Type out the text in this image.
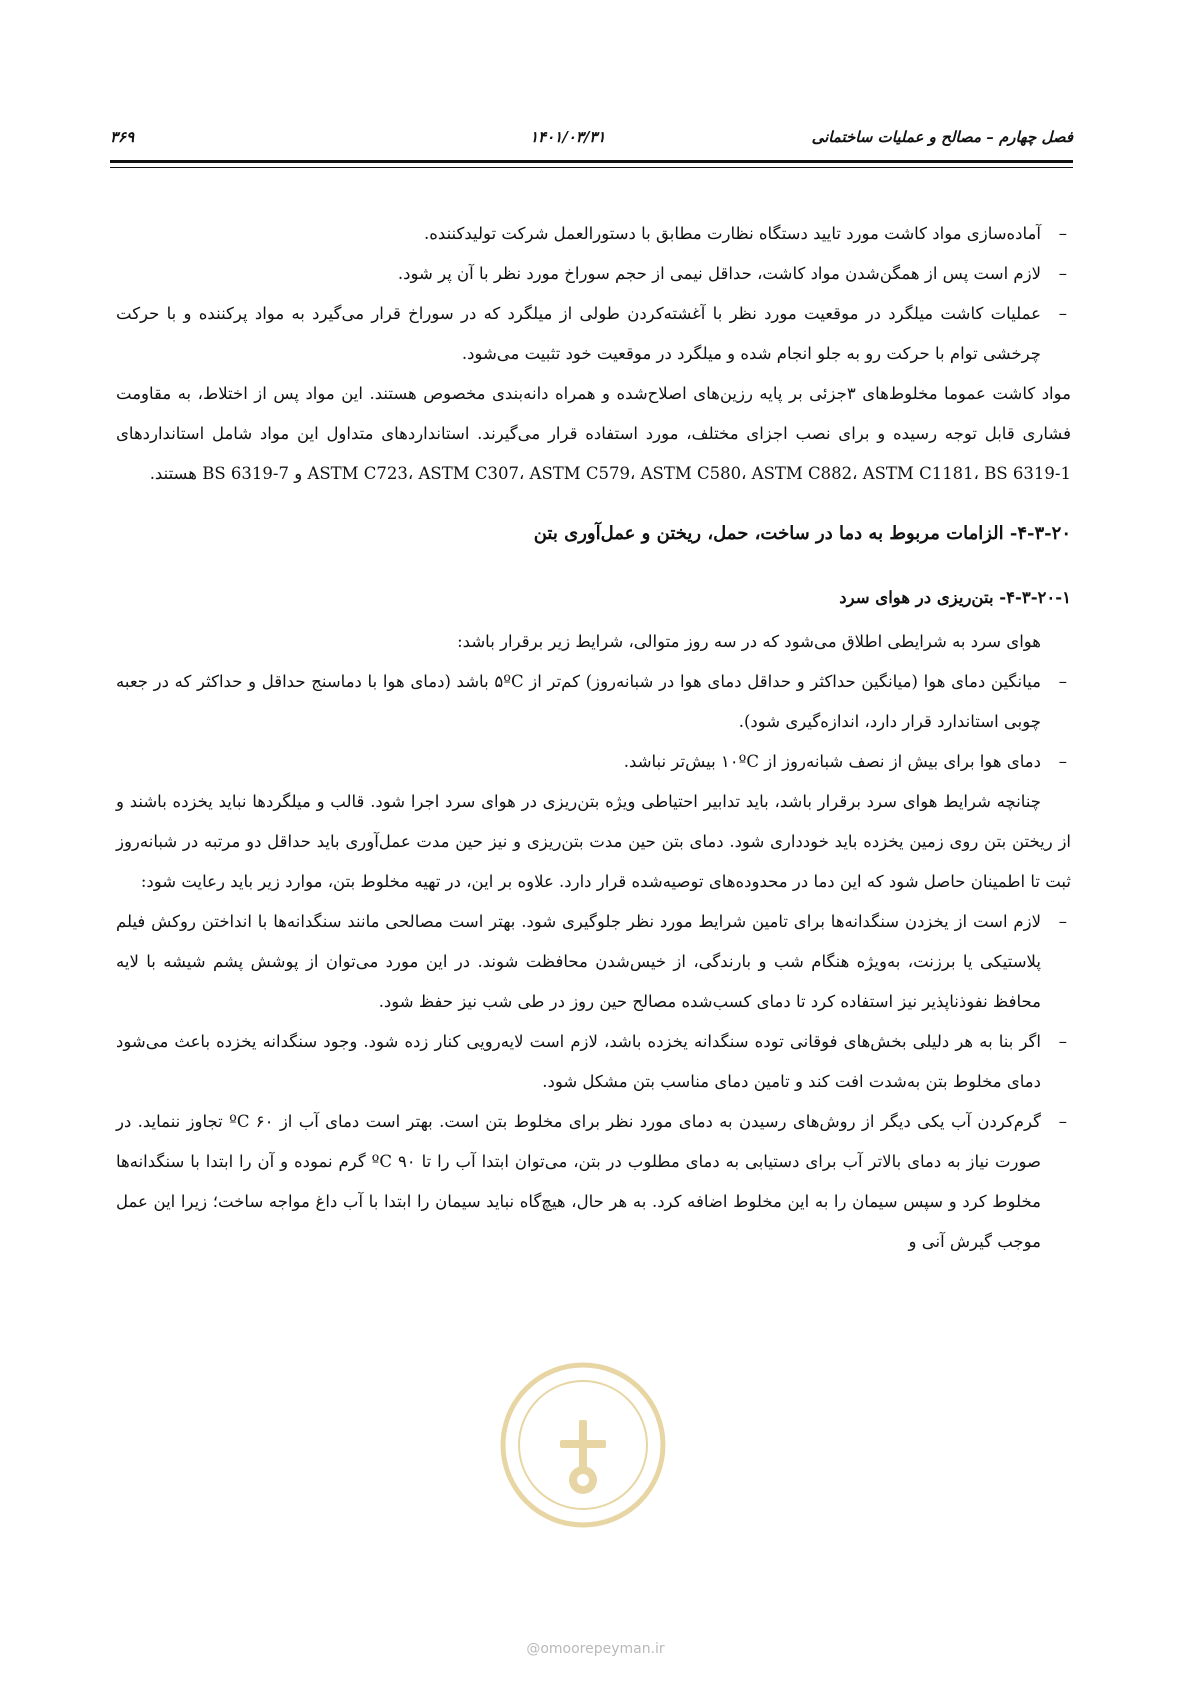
فصل چهارم – مصالح و عملیات ساختمانی
۱۴۰۱/۰۳/۳۱
۳۶۹

–
آماده‌سازی مواد کاشت مورد تایید دستگاه نظارت مطابق با دستورالعمل شرکت تولیدکننده.

–
لازم است پس از همگن‌شدن مواد کاشت، حداقل نیمی از حجم سوراخ مورد نظر با آن پر شود.

–
عملیات کاشت میلگرد در موقعیت مورد نظر با آغشته‌کردن طولی از میلگرد که در سوراخ قرار می‌گیرد به مواد پرکننده و با حرکت چرخشی توام با حرکت رو به جلو انجام شده و میلگرد در موقعیت خود تثبیت می‌شود.

مواد کاشت عموما مخلوط‌های ۳جزئی بر پایه رزین‌های اصلاح‌شده و همراه دانه‌بندی مخصوص هستند. این مواد پس از اختلاط، به مقاومت فشاری قابل توجه رسیده و برای نصب اجزای مختلف، مورد استفاده قرار می‌گیرند. استانداردهای متداول این مواد شامل استانداردهای ASTM C723، ASTM C307، ASTM C579، ASTM C580، ASTM C882، ASTM C1181، BS 6319-1 و BS 6319-7 هستند.

۴-۳-۲۰- الزامات مربوط به دما در ساخت، حمل، ریختن و عمل‌آوری بتن

۴-۳-۲۰-۱- بتن‌ریزی در هوای سرد

هوای سرد به شرایطی اطلاق می‌شود که در سه روز متوالی، شرایط زیر برقرار باشد:

–
میانگین دمای هوا (میانگین حداکثر و حداقل دمای هوا در شبانه‌روز) کم‌تر از ۵ºC باشد (دمای هوا با دماسنج حداقل و حداکثر که در جعبه چوبی استاندارد قرار دارد، اندازه‌گیری شود).

–
دمای هوا برای بیش از نصف شبانه‌روز از ۱۰ºC بیش‌تر نباشد.

چنانچه شرایط هوای سرد برقرار باشد، باید تدابیر احتیاطی ویژه بتن‌ریزی در هوای سرد اجرا شود. قالب و میلگردها نباید یخزده باشند و از ریختن بتن روی زمین یخزده باید خودداری شود. دمای بتن حین مدت بتن‌ریزی و نیز حین مدت عمل‌آوری باید حداقل دو مرتبه در شبانه‌روز ثبت تا اطمینان حاصل شود که این دما در محدوده‌های توصیه‌شده قرار دارد. علاوه بر این، در تهیه مخلوط بتن، موارد زیر باید رعایت شود:

–
لازم است از یخزدن سنگدانه‌ها برای تامین شرایط مورد نظر جلوگیری شود. بهتر است مصالحی مانند سنگدانه‌ها با انداختن روکش فیلم پلاستیکی یا برزنت، به‌ویژه هنگام شب و بارندگی، از خیس‌شدن محافظت شوند. در این مورد می‌توان از پوشش پشم شیشه با لایه محافظ نفوذناپذیر نیز استفاده کرد تا دمای کسب‌شده مصالح حین روز در طی شب نیز حفظ شود.

–
اگر بنا به هر دلیلی بخش‌های فوقانی توده سنگدانه یخزده باشد، لازم است لایه‌رویی کنار زده شود. وجود سنگدانه یخزده باعث می‌شود دمای مخلوط بتن به‌شدت افت کند و تامین دمای مناسب بتن مشکل شود.

–
گرم‌کردن آب یکی دیگر از روش‌های رسیدن به دمای مورد نظر برای مخلوط بتن است. بهتر است دمای آب از ۶۰ ºC تجاوز ننماید. در صورت نیاز به دمای بالاتر آب برای دستیابی به دمای مطلوب در بتن، می‌توان ابتدا آب را تا ۹۰ ºC گرم نموده و آن را ابتدا با سنگدانه‌ها مخلوط کرد و سپس سیمان را به این مخلوط اضافه کرد. به هر حال، هیچ‌گاه نباید سیمان را ابتدا با آب داغ مواجه ساخت؛ زیرا این عمل موجب گیرش آنی و

@omoorepeyman.ir
